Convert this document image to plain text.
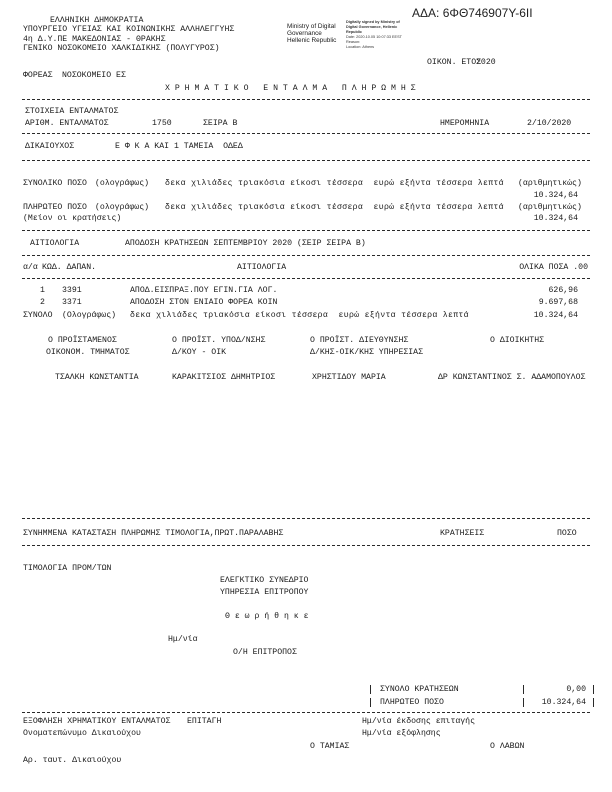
ΑΔΑ: 6ΦΘ746907Υ-6ΙΙ
ΕΛΛΗΝΙΚΗ ΔΗΜΟΚΡΑΤΙΑ
ΥΠΟΥΡΓΕΙΟ ΥΓΕΙΑΣ ΚΑΙ ΚΟΙΝΩΝΙΚΗΣ ΑΛΛΗΛΕΓΓΥΗΣ
4η Δ.Υ.ΠΕ ΜΑΚΕΔΟΝΙΑΣ - ΘΡΑΚΗΣ
ΓΕΝΙΚΟ ΝΟΣΟΚΟΜΕΙΟ ΧΑΛΚΙΔΙΚΗΣ (ΠΟΛΥΓΥΡΟΣ)
Ministry of Digital
Governance
Hellenic Republic
Digitally signed by Ministry of
Digital Governance, Hellenic
Republic
Date: 2020.10.05 10:07:33 EEST
Reason:
Location: Athens
ΟΙΚΟΝ. ΕΤΟΣ
2020
ΦΟΡΕΑΣ ΝΟΣΟΚΟΜΕΙΟ ΕΣ
Χ Ρ Η Μ Α Τ Ι Κ Ο   Ε Ν Τ Α Λ Μ Α   Π Λ Η Ρ Ω Μ Η Σ
ΣΤΟΙΧΕΙΑ ΕΝΤΑΛΜΑΤΟΣ
ΑΡΙΘΜ. ΕΝΤΑΛΜΑΤΟΣ	1750	ΣΕΙΡΑ Β	ΗΜΕΡΟΜΗΝΙΑ	2/10/2020
ΔΙΚΑΙΟΥΧΟΣ	Ε Φ Κ Α ΚΑΙ 1 ΤΑΜΕΙΑ  ΟΔΕΔ
ΣΥΝΟΛΙΚΟ ΠΟΣΟ (ολογράφως) δεκα χιλιάδες τριακόσια είκοσι τέσσερα  ευρώ εξήντα τέσσερα λεπτά (αριθμητικώς)
10.324,64
ΠΛΗΡΩΤΕΟ ΠΟΣΟ (ολογράφως) δεκα χιλιάδες τριακόσια είκοσι τέσσερα  ευρώ εξήντα τέσσερα λεπτά (αριθμητικώς)
(Μείον οι κρατήσεις)	10.324,64
ΑΙΤΙΟΛΟΓΙΑ	ΑΠΟΔΟΣΗ ΚΡΑΤΗΣΕΩΝ ΣΕΠΤΕΜΒΡΙΟΥ 2020 (ΣΕΙΡ ΣΕΙΡΑ Β)
α/α ΚΩΔ. ΔΑΠΑΝ.	ΑΙΤΙΟΛΟΓΙΑ	ΟΛΙΚΑ ΠΟΣΑ .00
1 3391	ΑΠΟΔ.ΕΙΣΠΡΑΞ.ΠΟΥ ΕΓΙΝ.ΓΙΑ ΛΟΓ.	626,96
2 3371	ΑΠΟΔΟΣΗ ΣΤΟΝ ΕΝΙΑΙΟ ΦΟΡΕΑ ΚΟΙΝ	9.697,68
ΣΥΝΟΛΟ (Ολογράφως) δεκα χιλιάδες τριακόσια είκοσι τέσσερα  ευρώ εξήντα τέσσερα λεπτά	10.324,64
Ο ΠΡΟΪΣΤΑΜΕΝΟΣ
ΟΙΚΟΝΟΜ. ΤΜΗΜΑΤΟΣ
ΤΣΑΛΚΗ ΚΩΝΣΤΑΝΤΙΑ
Ο ΠΡΟΪΣΤ. ΥΠΟΔ/ΝΣΗΣ
Δ/ΚΟΥ - ΟΙΚ
ΚΑΡΑΚΙΤΣΙΟΣ ΔΗΜΗΤΡΙΟΣ
Ο ΠΡΟΪΣΤ. ΔΙΕΥΘΥΝΣΗΣ
Δ/ΚΗΣ-ΟΙΚ/ΚΗΣ ΥΠΗΡΕΣΙΑΣ
ΧΡΗΣΤΙΔΟΥ ΜΑΡΙΑ
Ο ΔΙΟΙΚΗΤΗΣ
ΔΡ ΚΩΝΣΤΑΝΤΙΝΟΣ Σ. ΑΔΑΜΟΠΟΥΛΟΣ
ΣΥΝΗΜΜΕΝΑ ΚΑΤΑΣΤΑΣΗ ΠΛΗΡΩΜΗΣ ΤΙΜΟΛΟΓΙΑ,ΠΡΩΤ.ΠΑΡΑΛΑΒΗΣ	ΚΡΑΤΗΣΕΙΣ	ΠΟΣΟ
ΤΙΜΟΛΟΓΙΑ ΠΡΟΜ/ΤΩΝ
ΕΛΕΓΚΤΙΚΟ ΣΥΝΕΔΡΙΟ
ΥΠΗΡΕΣΙΑ ΕΠΙΤΡΟΠΟΥ
Θ ε ω ρ ή θ η κ ε
Ημ/νία
Ο/Η ΕΠΙΤΡΟΠΟΣ
ΣΥΝΟΛΟ ΚΡΑΤΗΣΕΩΝ	0,00
ΠΛΗΡΩΤΕΟ ΠΟΣΟ	10.324,64
ΕΞΟΦΛΗΣΗ ΧΡΗΜΑΤΙΚΟΥ ΕΝΤΑΛΜΑΤΟΣ ΕΠΙΤΑΓΗ	Ημ/νία έκδοσης επιταγής
Ονοματεπώνυμο Δικαιούχου	Ημ/νία εξόφλησης
Ο ΤΑΜΙΑΣ	Ο ΛΑΒΩΝ
Αρ. ταυτ. Δικαιούχου
